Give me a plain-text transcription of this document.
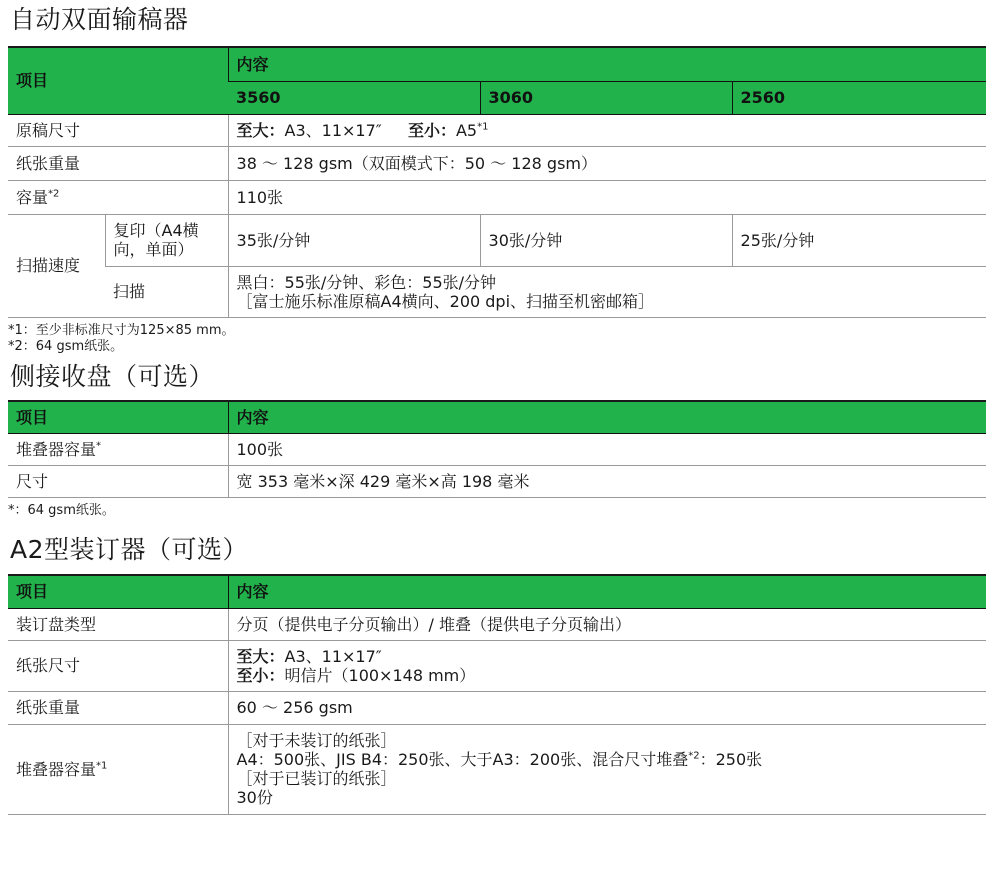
自动双面输稿器
项目		内容		
		3560	3060	2560
原稿尺寸		至大：A3、11×17″　  至小：A5$^{*1}$
纸张重量		38 ～ 128 gsm（双面模式下：50 ～ 128 gsm）		
容量$^{*2}$		110张		
扫描速度	复印（A4横向，单面）	35张/分钟	30张/分钟	25张/分钟
	扫描	黑白：55张/分钟、彩色：55张/分钟
［富士施乐标准原稿A4横向、200 dpi、扫描至机密邮箱］		
*1：至少非标准尺寸为125×85 mm。
*2：64 gsm纸张。
侧接收盘（可选）
项目	内容
堆叠器容量*	100张
尺寸	宽 353 毫米×深 429 毫米×高 198 毫米
*：64 gsm纸张。
A2型装订器（可选）
项目	内容
装订盘类型	分页（提供电子分页输出）/ 堆叠（提供电子分页输出）
纸张尺寸	至大：A3、11×17″
至小：明信片（100×148 mm）

纸张重量	60 ～ 256 gsm
堆叠器容量$^{*1}$	［对于未装订的纸张］
A4：500张、JIS B4：250张、大于A3：200张、混合尺寸堆叠$^{*2}$：250张
［对于已装订的纸张］
30份
